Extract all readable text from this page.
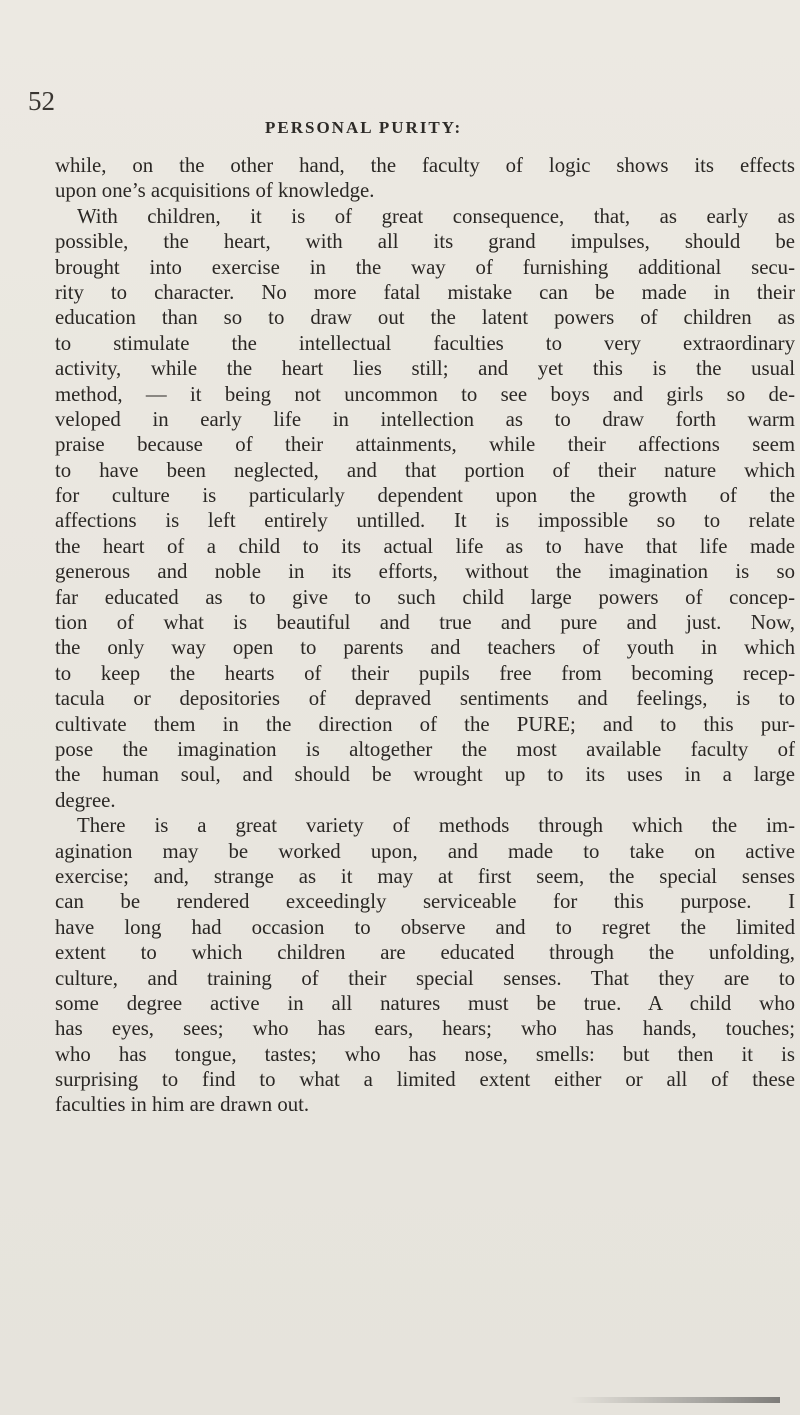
52
PERSONAL PURITY:
while, on the other hand, the faculty of logic shows its effects
upon one’s acquisitions of knowledge.
With children, it is of great consequence, that, as early as
possible, the heart, with all its grand impulses, should be
brought into exercise in the way of furnishing additional secu-
rity to character. No more fatal mistake can be made in their
education than so to draw out the latent powers of children as
to stimulate the intellectual faculties to very extraordinary
activity, while the heart lies still; and yet this is the usual
method, — it being not uncommon to see boys and girls so de-
veloped in early life in intellection as to draw forth warm
praise because of their attainments, while their affections seem
to have been neglected, and that portion of their nature which
for culture is particularly dependent upon the growth of the
affections is left entirely untilled. It is impossible so to relate
the heart of a child to its actual life as to have that life made
generous and noble in its efforts, without the imagination is so
far educated as to give to such child large powers of concep-
tion of what is beautiful and true and pure and just. Now,
the only way open to parents and teachers of youth in which
to keep the hearts of their pupils free from becoming recep-
tacula or depositories of depraved sentiments and feelings, is to
cultivate them in the direction of the PURE; and to this pur-
pose the imagination is altogether the most available faculty of
the human soul, and should be wrought up to its uses in a large
degree.
There is a great variety of methods through which the im-
agination may be worked upon, and made to take on active
exercise; and, strange as it may at first seem, the special senses
can be rendered exceedingly serviceable for this purpose. I
have long had occasion to observe and to regret the limited
extent to which children are educated through the unfolding,
culture, and training of their special senses. That they are to
some degree active in all natures must be true. A child who
has eyes, sees; who has ears, hears; who has hands, touches;
who has tongue, tastes; who has nose, smells: but then it is
surprising to find to what a limited extent either or all of these
faculties in him are drawn out.
